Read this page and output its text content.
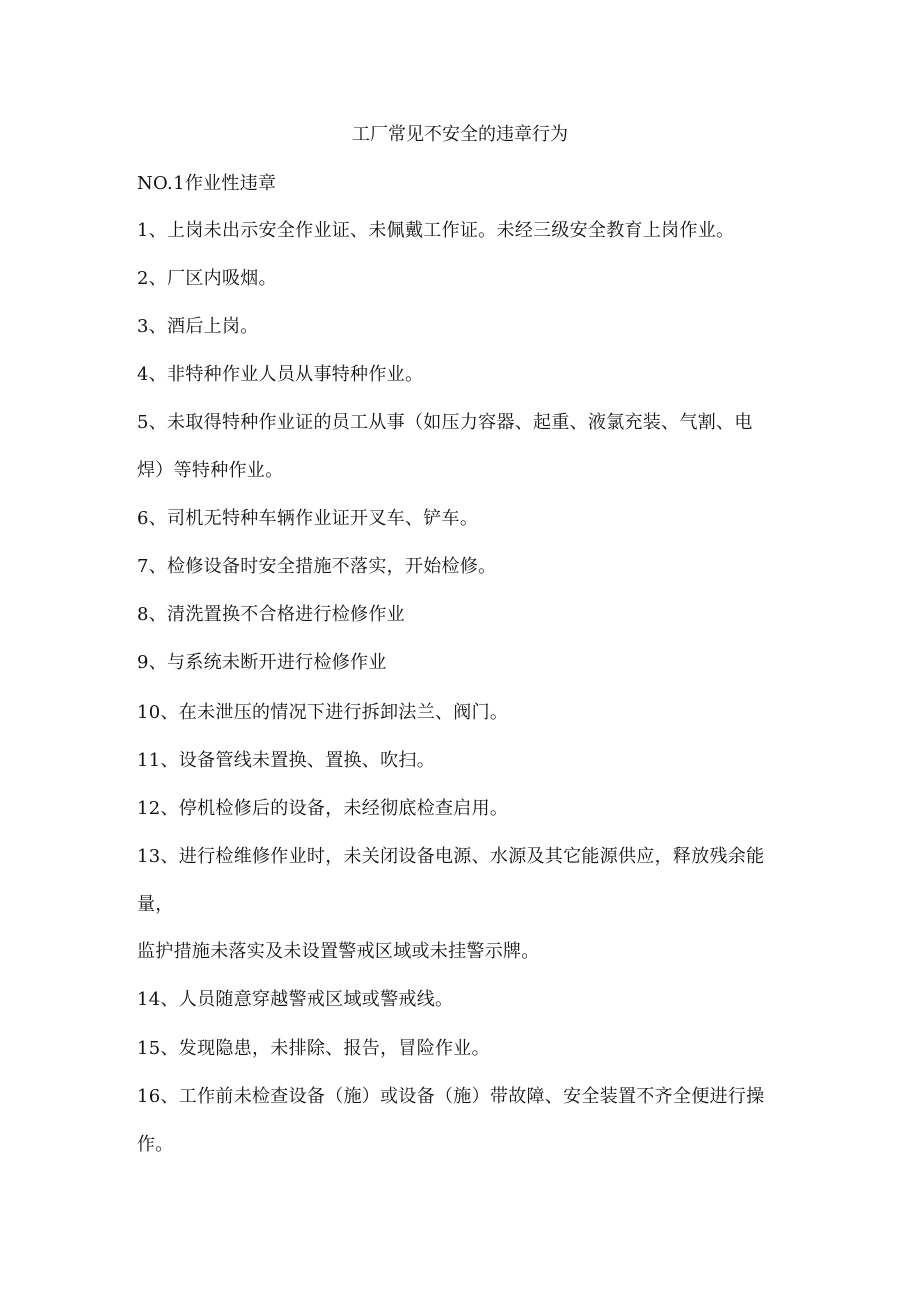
工厂常见不安全的违章行为
NO.1作业性违章
1、上岗未出示安全作业证、未佩戴工作证。未经三级安全教育上岗作业。
2、厂区内吸烟。
3、酒后上岗。
4、非特种作业人员从事特种作业。
5、未取得特种作业证的员工从事（如压力容器、起重、液氯充装、气割、电
焊）等特种作业。
6、司机无特种车辆作业证开叉车、铲车。
7、检修设备时安全措施不落实，开始检修。
8、清洗置换不合格进行检修作业
9、与系统未断开进行检修作业
10、在未泄压的情况下进行拆卸法兰、阀门。
11、设备管线未置换、置换、吹扫。
12、停机检修后的设备，未经彻底检查启用。
13、进行检维修作业时，未关闭设备电源、水源及其它能源供应，释放残余能
量，
监护措施未落实及未设置警戒区域或未挂警示牌。
14、人员随意穿越警戒区域或警戒线。
15、发现隐患，未排除、报告，冒险作业。
16、工作前未检查设备（施）或设备（施）带故障、安全装置不齐全便进行操
作。
